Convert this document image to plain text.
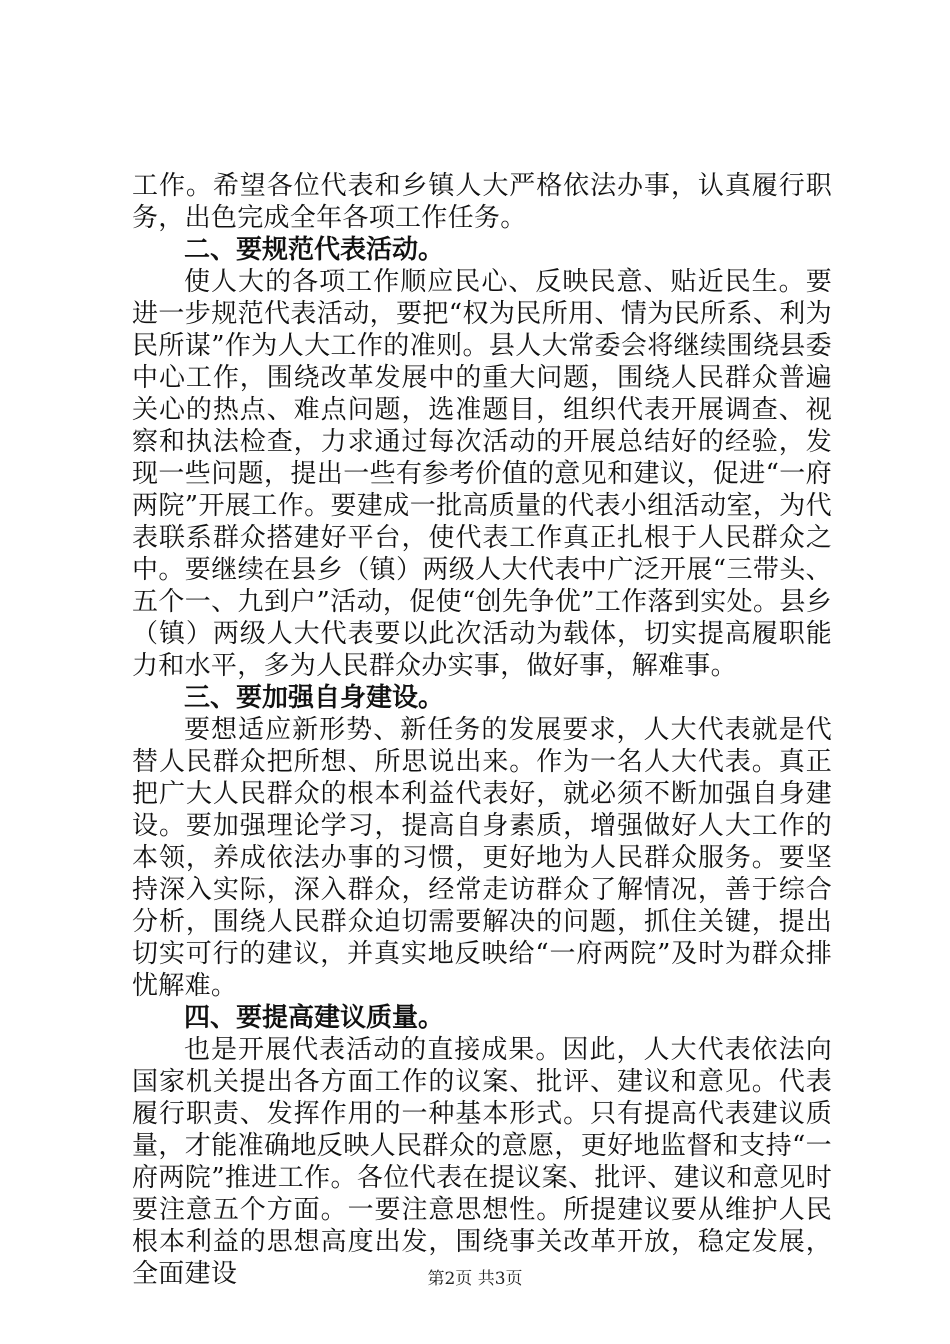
工作。希望各位代表和乡镇人大严格依法办事，认真履行职务，出色完成全年各项工作任务。

二、要规范代表活动。

使人大的各项工作顺应民心、反映民意、贴近民生。要进一步规范代表活动，要把“权为民所用、情为民所系、利为民所谋”作为人大工作的准则。县人大常委会将继续围绕县委中心工作，围绕改革发展中的重大问题，围绕人民群众普遍关心的热点、难点问题，选准题目，组织代表开展调查、视察和执法检查，力求通过每次活动的开展总结好的经验，发现一些问题，提出一些有参考价值的意见和建议，促进“一府两院”开展工作。要建成一批高质量的代表小组活动室，为代表联系群众搭建好平台，使代表工作真正扎根于人民群众之中。要继续在县乡（镇）两级人大代表中广泛开展“三带头、五个一、九到户”活动，促使“创先争优”工作落到实处。县乡（镇）两级人大代表要以此次活动为载体，切实提高履职能力和水平，多为人民群众办实事，做好事，解难事。

三、要加强自身建设。

要想适应新形势、新任务的发展要求，人大代表就是代替人民群众把所想、所思说出来。作为一名人大代表。真正把广大人民群众的根本利益代表好，就必须不断加强自身建设。要加强理论学习，提高自身素质，增强做好人大工作的本领，养成依法办事的习惯，更好地为人民群众服务。要坚持深入实际，深入群众，经常走访群众了解情况，善于综合分析，围绕人民群众迫切需要解决的问题，抓住关键，提出切实可行的建议，并真实地反映给“一府两院”及时为群众排忧解难。

四、要提高建议质量。

也是开展代表活动的直接成果。因此，人大代表依法向国家机关提出各方面工作的议案、批评、建议和意见。代表履行职责、发挥作用的一种基本形式。只有提高代表建议质量，才能准确地反映人民群众的意愿，更好地监督和支持“一府两院”推进工作。各位代表在提议案、批评、建议和意见时要注意五个方面。一要注意思想性。所提建议要从维护人民根本利益的思想高度出发，围绕事关改革开放，稳定发展，全面建设	第2页 共3页
